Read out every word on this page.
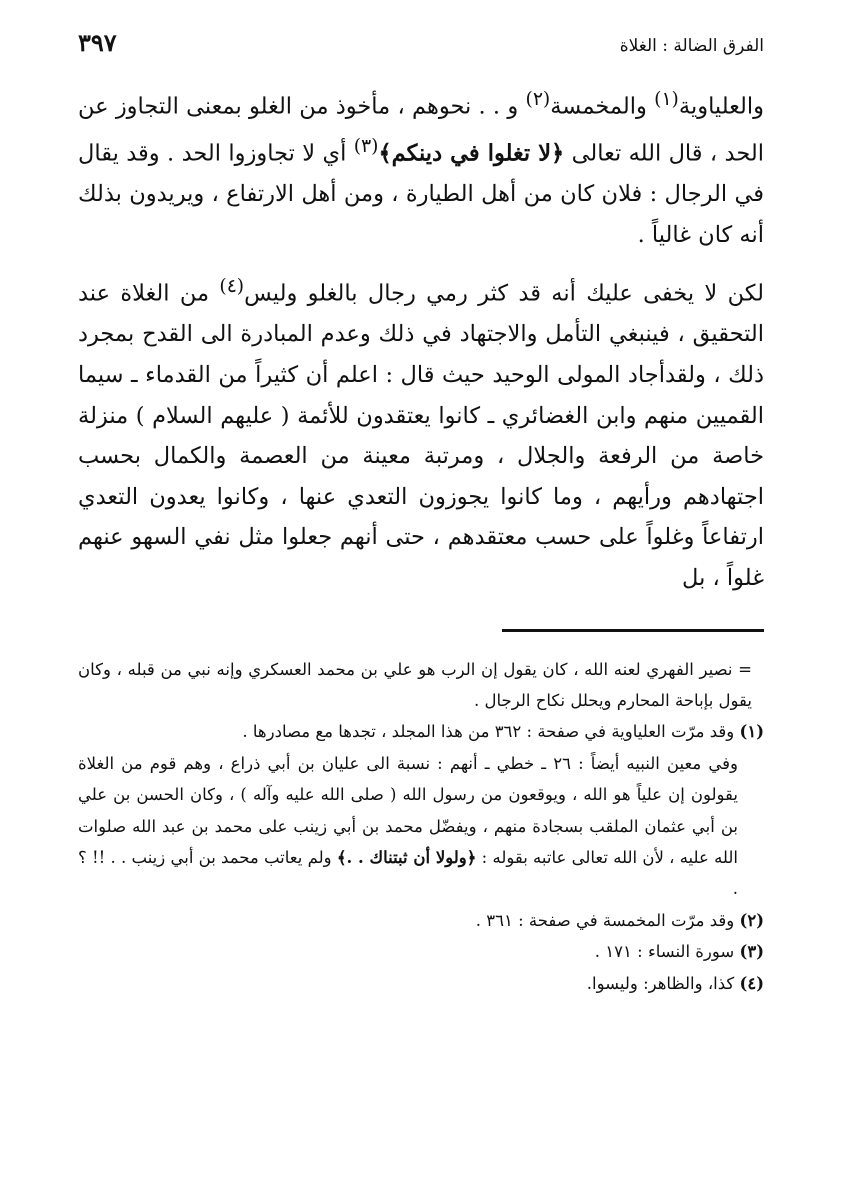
الفرق الضالة : الغلاة
٣٩٧

والعلياوية$^{(١)}$ والمخمسة$^{(٢)}$ و . . نحوهم ، مأخوذ من الغلو بمعنى التجاوز عن الحد ، قال الله تعالى ﴿لا تغلوا في دينكم﴾$^{(٣)}$ أي لا تجاوزوا الحد . وقد يقال في الرجال : فلان كان من أهل الطيارة ، ومن أهل الارتفاع ، ويريدون بذلك أنه كان غالياً .

لكن لا يخفى عليك أنه قد كثر رمي رجال بالغلو وليس$^{(٤)}$ من الغلاة عند التحقيق ، فينبغي التأمل والاجتهاد في ذلك وعدم المبادرة الى القدح بمجرد ذلك ، ولقدأجاد المولى الوحيد حيث قال : اعلم أن كثيراً من القدماء ـ سيما القميين منهم وابن الغضائري ـ كانوا يعتقدون للأئمة ( عليهم السلام ) منزلة خاصة من الرفعة والجلال ، ومرتبة معينة من العصمة والكمال بحسب اجتهادهم ورأيهم ، وما كانوا يجوزون التعدي عنها ، وكانوا يعدون التعدي ارتفاعاً وغلواً على حسب معتقدهم ، حتى أنهم جعلوا مثل نفي السهو عنهم غلواً ، بل

= نصير الفهري لعنه الله ، كان يقول إن الرب هو علي بن محمد العسكري وإنه نبي من قبله ، وكان يقول بإباحة المحارم ويحلل نكاح الرجال .

(١) وقد مرّت العلياوية في صفحة : ٣٦٢ من هذا المجلد ، تجدها مع مصادرها .

وفي معين النبيه أيضاً : ٢٦ ـ خطي ـ أنهم : نسبة الى علي‍ان بن أبي ذراع ، وهم قوم من الغلاة يقولون إن علياً هو الله ، ويوقعون من رسول الله ( صلى الله عليه وآله ) ، وكان الحسن بن علي بن أبي عثمان الملقب بسجادة منهم ، ويفضّل محمد بن أبي زينب على محمد بن عبد الله صلوات الله عليه ، لأن الله تعالى عاتبه بقوله : ﴿ولولا أن ثبتناك . .﴾ ولم يعاتب محمد بن أبي زينب . . !! ؟ .

(٢) وقد مرّت المخمسة في صفحة : ٣٦١ .

(٣) سورة النساء : ١٧١ .

(٤) كذا، والظاهر: وليسوا.
